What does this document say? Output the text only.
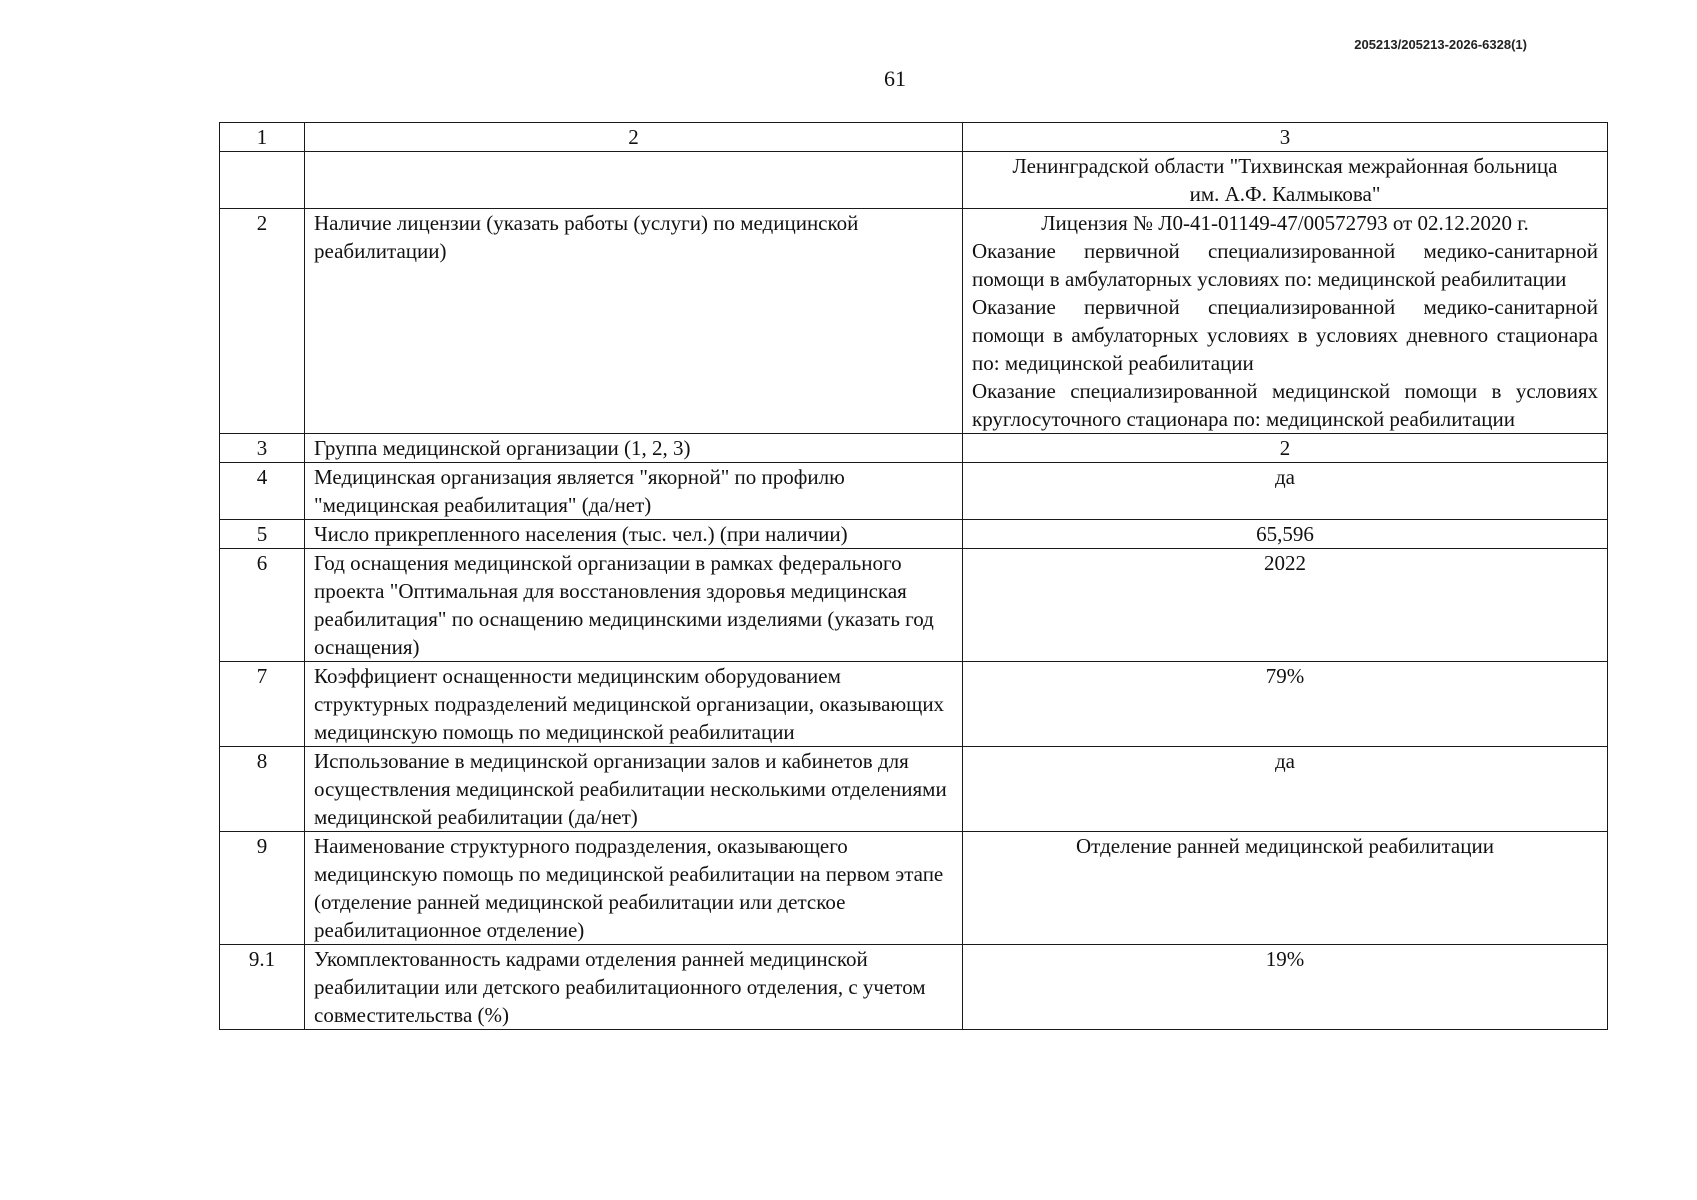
205213/205213-2026-6328(1)
61
1	2	3
		Ленинградской области "Тихвинская межрайонная больница им. А.Ф. Калмыкова"
2	Наличие лицензии (указать работы (услуги) по медицинской реабилитации)	Лицензия № Л0-41-01149-47/00572793 от 02.12.2020 г.
Оказание первичной специализированной медико-санитарной помощи в амбулаторных условиях по: медицинской реабилитации
Оказание первичной специализированной медико-санитарной помощи в амбулаторных условиях в условиях дневного стационара по: медицинской реабилитации
Оказание специализированной медицинской помощи в условиях круглосуточного стационара по: медицинской реабилитации

3	Группа медицинской организации (1, 2, 3)	2
4	Медицинская организация является "якорной" по профилю "медицинская реабилитация" (да/нет)	да
5	Число прикрепленного населения (тыс. чел.) (при наличии)	65,596
6	Год оснащения медицинской организации в рамках федерального проекта "Оптимальная для восстановления здоровья медицинская реабилитация" по оснащению медицинскими изделиями (указать год оснащения)	2022
7	Коэффициент оснащенности медицинским оборудованием структурных подразделений медицинской организации, оказывающих медицинскую помощь по медицинской реабилитации	79%
8	Использование в медицинской организации залов и кабинетов для осуществления медицинской реабилитации несколькими отделениями медицинской реабилитации (да/нет)	да
9	Наименование структурного подразделения, оказывающего медицинскую помощь по медицинской реабилитации на первом этапе (отделение ранней медицинской реабилитации или детское реабилитационное отделение)	Отделение ранней медицинской реабилитации
9.1	Укомплектованность кадрами отделения ранней медицинской реабилитации или детского реабилитационного отделения, с учетом совместительства (%)	19%
